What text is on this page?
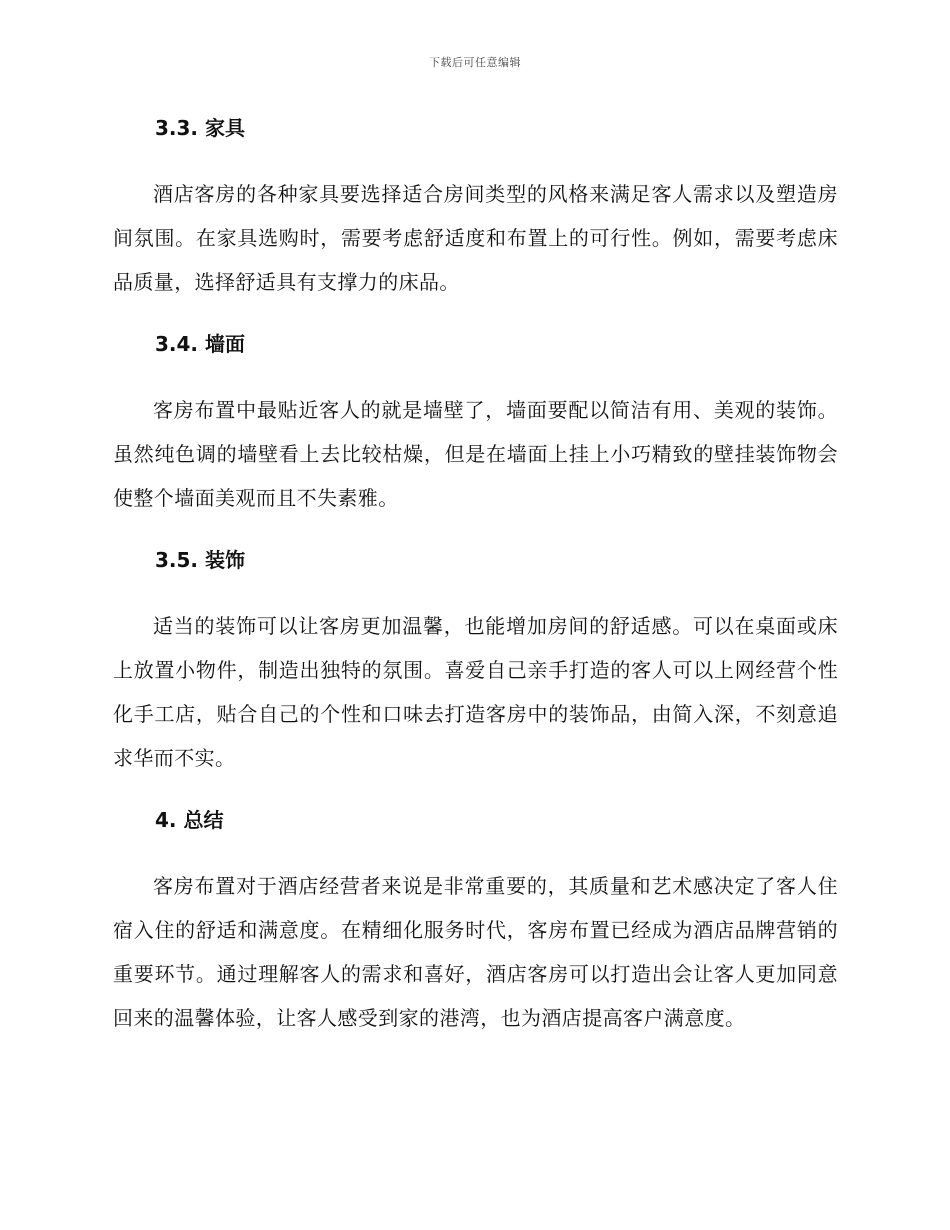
下载后可任意编辑
3.3. 家具

酒店客房的各种家具要选择适合房间类型的风格来满足客人需求以及塑造房间氛围。在家具选购时，需要考虑舒适度和布置上的可行性。例如，需要考虑床品质量，选择舒适具有支撑力的床品。

3.4. 墙面

客房布置中最贴近客人的就是墙壁了，墙面要配以简洁有用、美观的装饰。虽然纯色调的墙壁看上去比较枯燥，但是在墙面上挂上小巧精致的壁挂装饰物会使整个墙面美观而且不失素雅。

3.5. 装饰

适当的装饰可以让客房更加温馨，也能增加房间的舒适感。可以在桌面或床上放置小物件，制造出独特的氛围。喜爱自己亲手打造的客人可以上网经营个性化手工店，贴合自己的个性和口味去打造客房中的装饰品，由简入深，不刻意追求华而不实。

4. 总结

客房布置对于酒店经营者来说是非常重要的，其质量和艺术感决定了客人住宿入住的舒适和满意度。在精细化服务时代，客房布置已经成为酒店品牌营销的重要环节。通过理解客人的需求和喜好，酒店客房可以打造出会让客人更加同意回来的温馨体验，让客人感受到家的港湾，也为酒店提高客户满意度。
